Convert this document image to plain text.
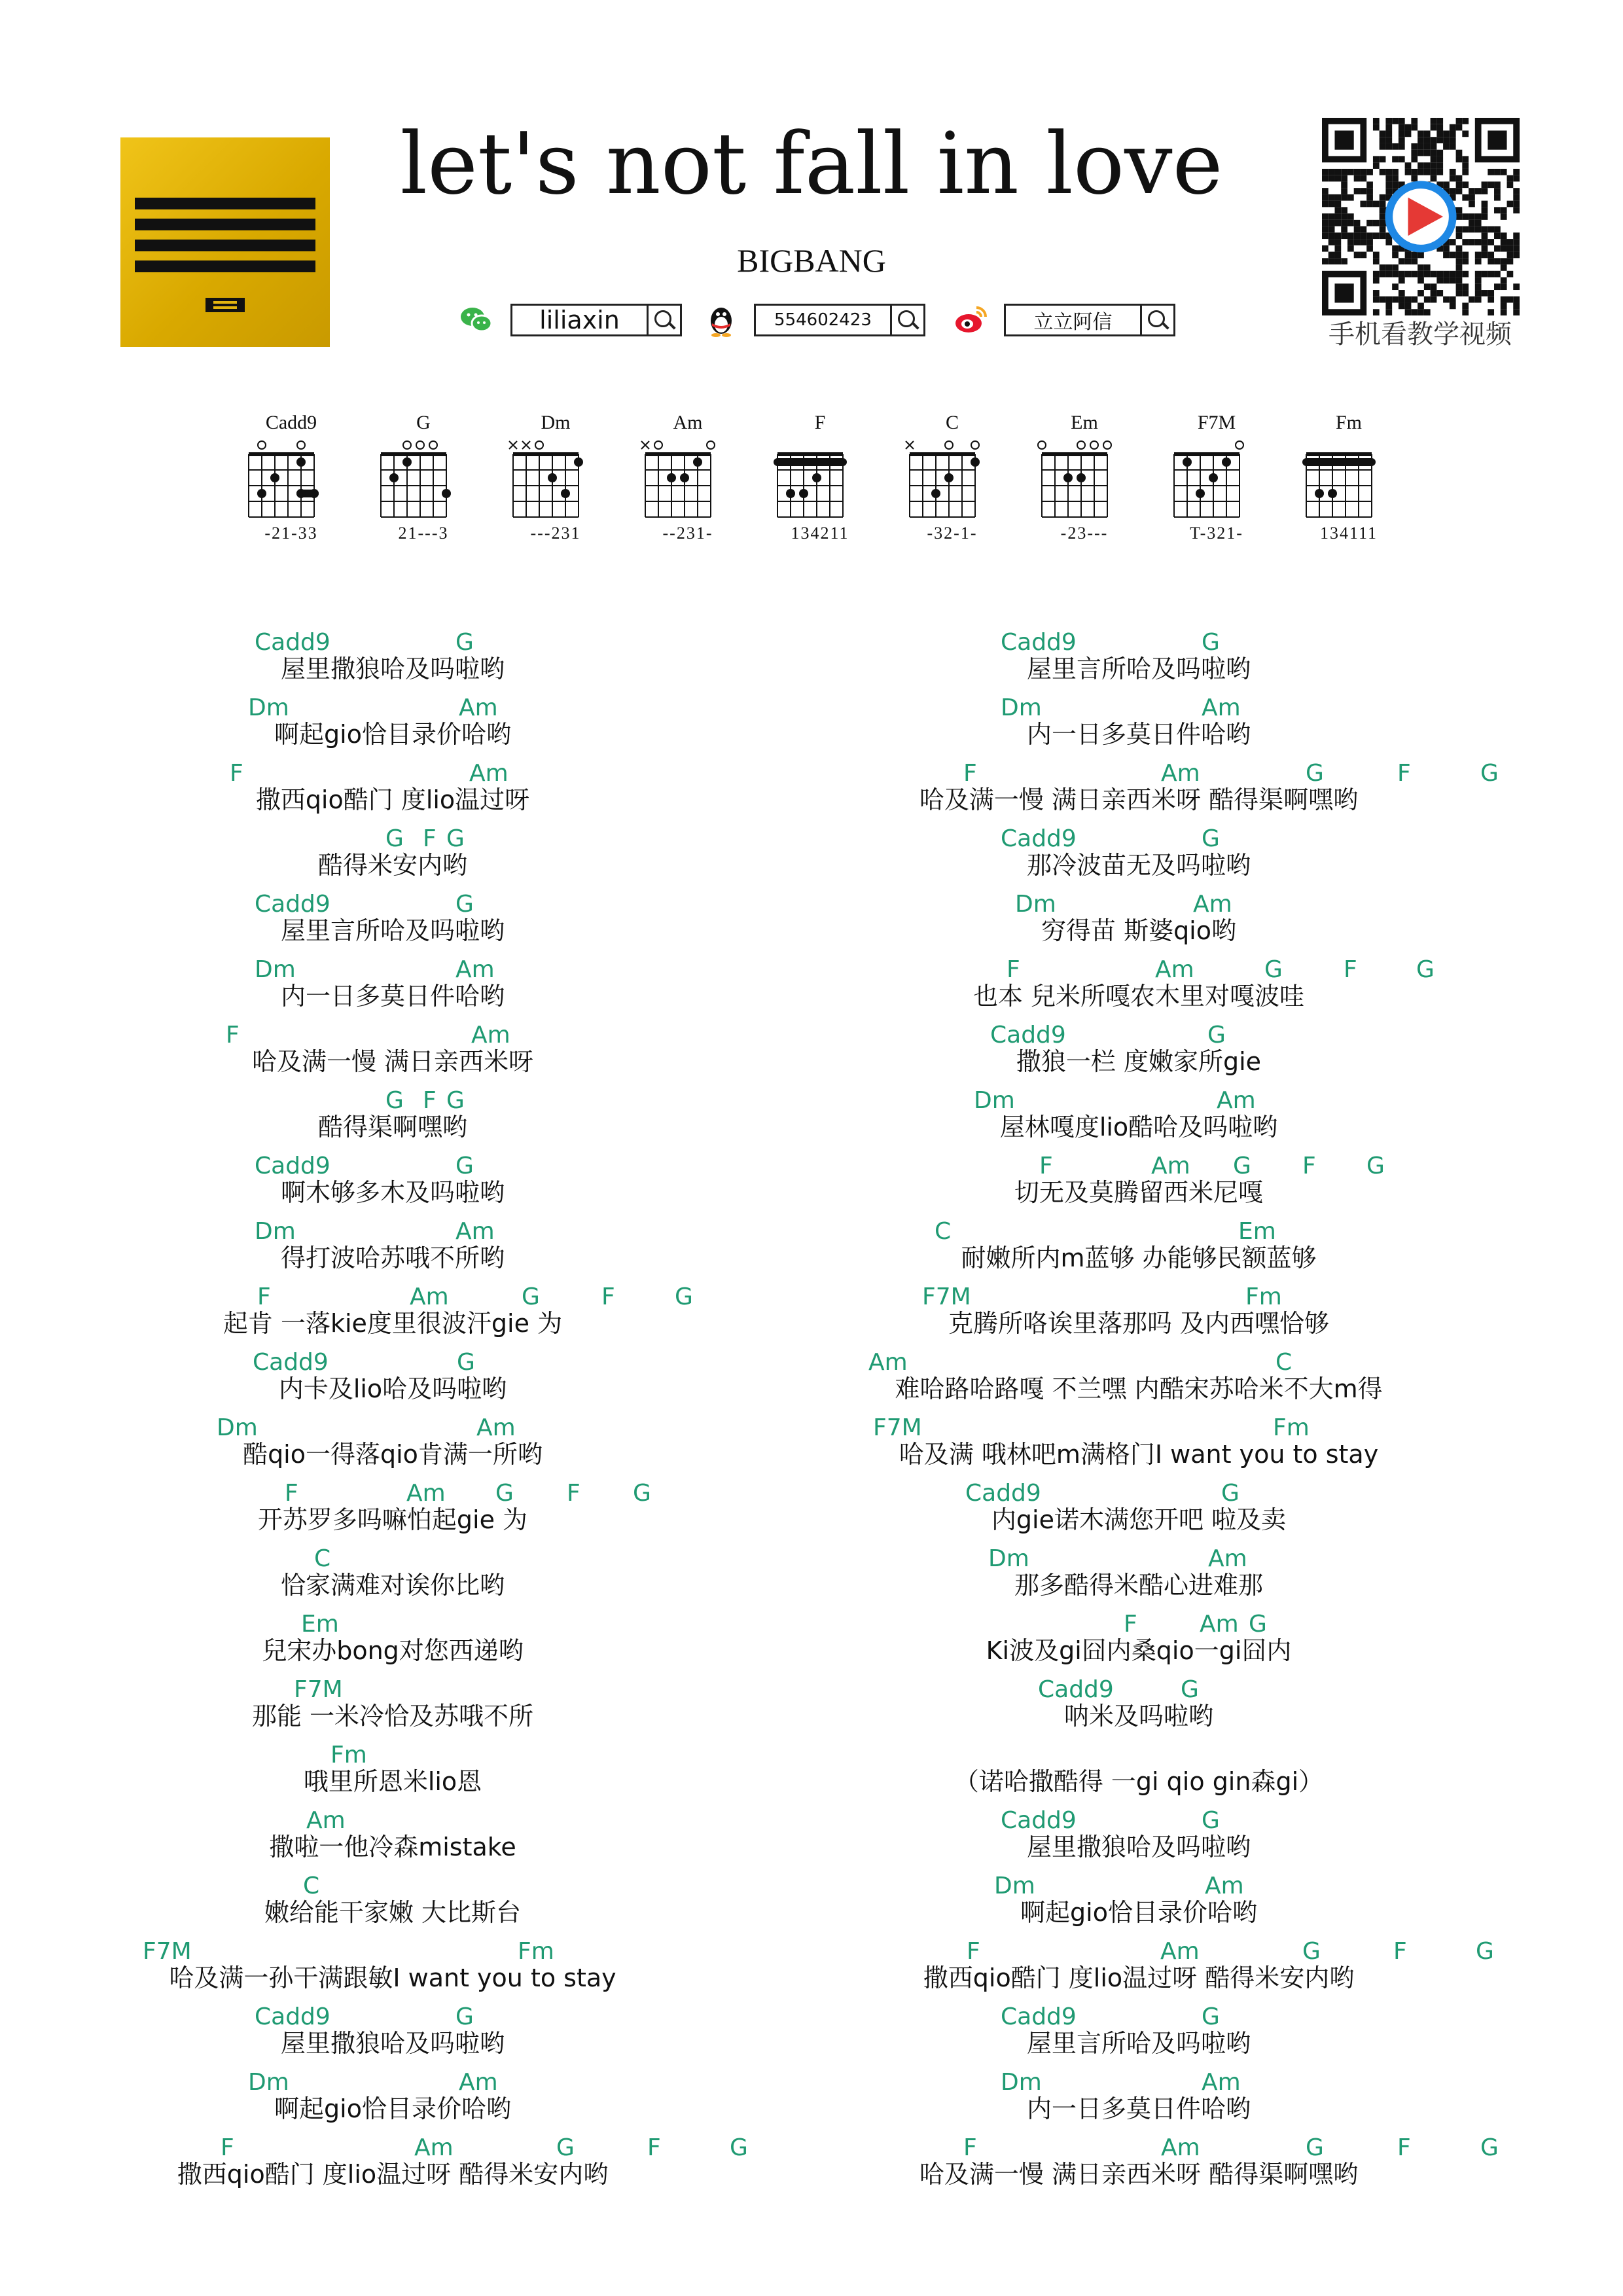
let's not fall in love
BIGBANG
liliaxin	554602423	立立阿信	手机看教学视频
Cadd9
-21-33
G
21---3
Dm
---231
Am
--231-
F
134211
C
-32-1-
Em
-23---
F7M
T-321-
Fm
134111
屋里撒狼哈及吗啦哟
Cadd9	G
啊起gio恰目录价哈哟
Dm	Am
撒西qio酷门 度lio温过呀
F	Am
酷得米安内哟
G F G
屋里言所哈及吗啦哟
Cadd9	G
内一日多莫日件哈哟
Dm	Am
哈及满一慢 满日亲西米呀
F	Am
酷得渠啊嘿哟
G F G
啊木够多木及吗啦哟
Cadd9	G
得打波哈苏哦不所哟
Dm	Am
起肯 一落kie度里很波汗gie 为
F	Am	G	F	G
内卡及lio哈及吗啦哟
Cadd9	G
酷qio一得落qio肯满一所哟
Dm	Am
开苏罗多吗嘛怕起gie 为
F	Am G F G
恰家满难对诶你比哟
C
兒宋办bong对您西递哟
Em
那能 一米冷恰及苏哦不所
F7M
哦里所恩米lio恩
Fm
撒啦一他冷森mistake
Am
嫩给能干家嫩 大比斯台
C
哈及满一孙干满跟敏I want you to stay
F7M	Fm
屋里撒狼哈及吗啦哟
Cadd9	G
啊起gio恰目录价哈哟
Dm	Am
撒西qio酷门 度lio温过呀 酷得米安内哟
F	Am	G	F	G
屋里言所哈及吗啦哟
Cadd9	G
内一日多莫日件哈哟
Dm	Am
哈及满一慢 满日亲西米呀 酷得渠啊嘿哟
F	Am	G	F	G
那冷波苗无及吗啦哟
Cadd9	G
穷得苗 斯婆qio哟
Dm	Am
也本 兒米所嘎农木里对嘎波哇
F	Am	G	F	G
撒狼一栏 度嫩家所gie
Cadd9	G
屋林嘎度lio酷哈及吗啦哟
Dm	Am
切无及莫腾留西米尼嘎
F	Am G F G
耐嫩所内m蓝够 办能够民额蓝够
C	Em
克腾所咯诶里落那吗 及内西嘿恰够
F7M	Fm
难哈路哈路嘎 不兰嘿 内酷宋苏哈米不大m得
Am	C
哈及满 哦林吧m满格门I want you to stay
F7M	Fm
内gie诺木满您开吧 啦及卖
Cadd9	G
那多酷得米酷心进难那
Dm	Am
Ki波及gi囧内桑qio一gi囧内
F	Am G
呐米及吗啦哟
Cadd9	G
（诺哈撒酷得 一gi qio gin森gi）
屋里撒狼哈及吗啦哟
Cadd9	G
啊起gio恰目录价哈哟
Dm	Am
撒西qio酷门 度lio温过呀 酷得米安内哟
F	Am	G	F	G
屋里言所哈及吗啦哟
Cadd9	G
内一日多莫日件哈哟
Dm	Am
哈及满一慢 满日亲西米呀 酷得渠啊嘿哟
F	Am	G	F	G
